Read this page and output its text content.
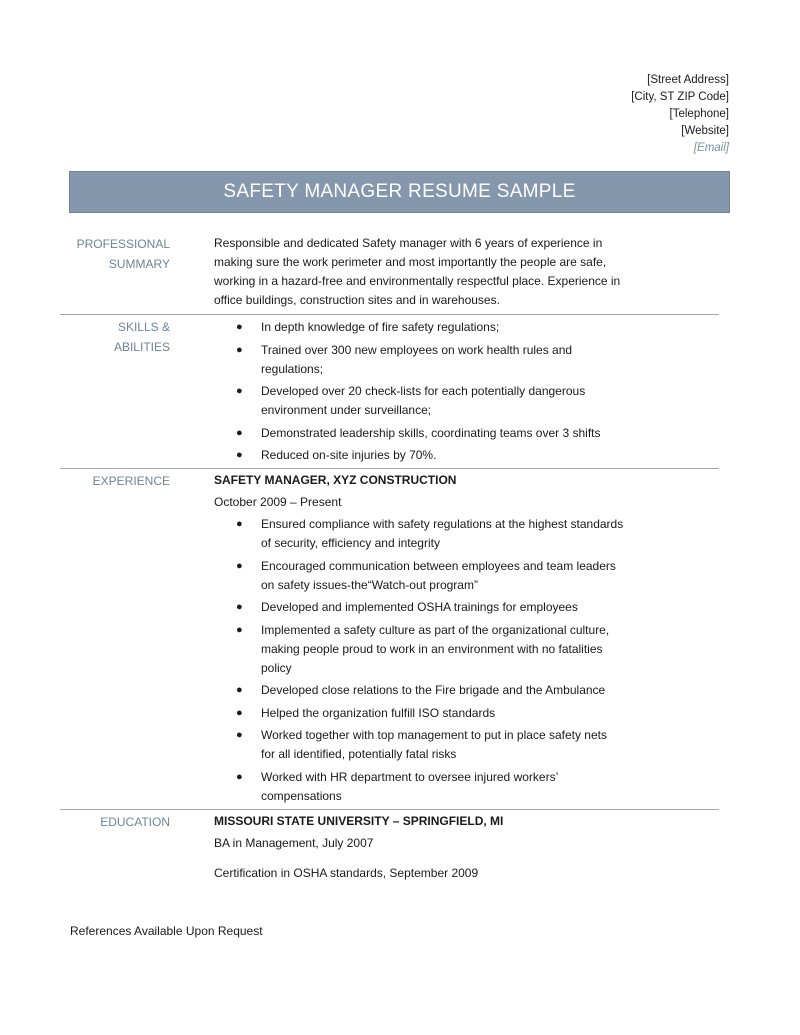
[Street Address]
[City, ST ZIP Code]
[Telephone]
[Website]
[Email]
SAFETY MANAGER RESUME SAMPLE
PROFESSIONAL
SUMMARY

Responsible and dedicated Safety manager with 6 years of experience in making sure the work perimeter and most importantly the people are safe, working in a hazard-free and environmentally respectful place. Experience in office buildings, construction sites and in warehouses.

SKILLS & ABILITIES
● In depth knowledge of fire safety regulations;
● Trained over 300 new employees on work health rules and regulations;
● Developed over 20 check-lists for each potentially dangerous environment under surveillance;
● Demonstrated leadership skills, coordinating teams over 3 shifts
● Reduced on-site injuries by 70%.
EXPERIENCE	SAFETY MANAGER, XYZ CONSTRUCTION
October 2009 – Present
● Ensured compliance with safety regulations at the highest standards of security, efficiency and integrity
● Encouraged communication between employees and team leaders on safety issues-the“Watch-out program”
● Developed and implemented OSHA trainings for employees
● Implemented a safety culture as part of the organizational culture, making people proud to work in an environment with no fatalities policy
● Developed close relations to the Fire brigade and the Ambulance
● Helped the organization fulfill ISO standards
● Worked together with top management to put in place safety nets for all identified, potentially fatal risks
● Worked with HR department to oversee injured workers’ compensations
EDUCATION	MISSOURI STATE UNIVERSITY – SPRINGFIELD, MI
BA in Management, July 2007
Certification in OSHA standards, September 2009
References Available Upon Request
